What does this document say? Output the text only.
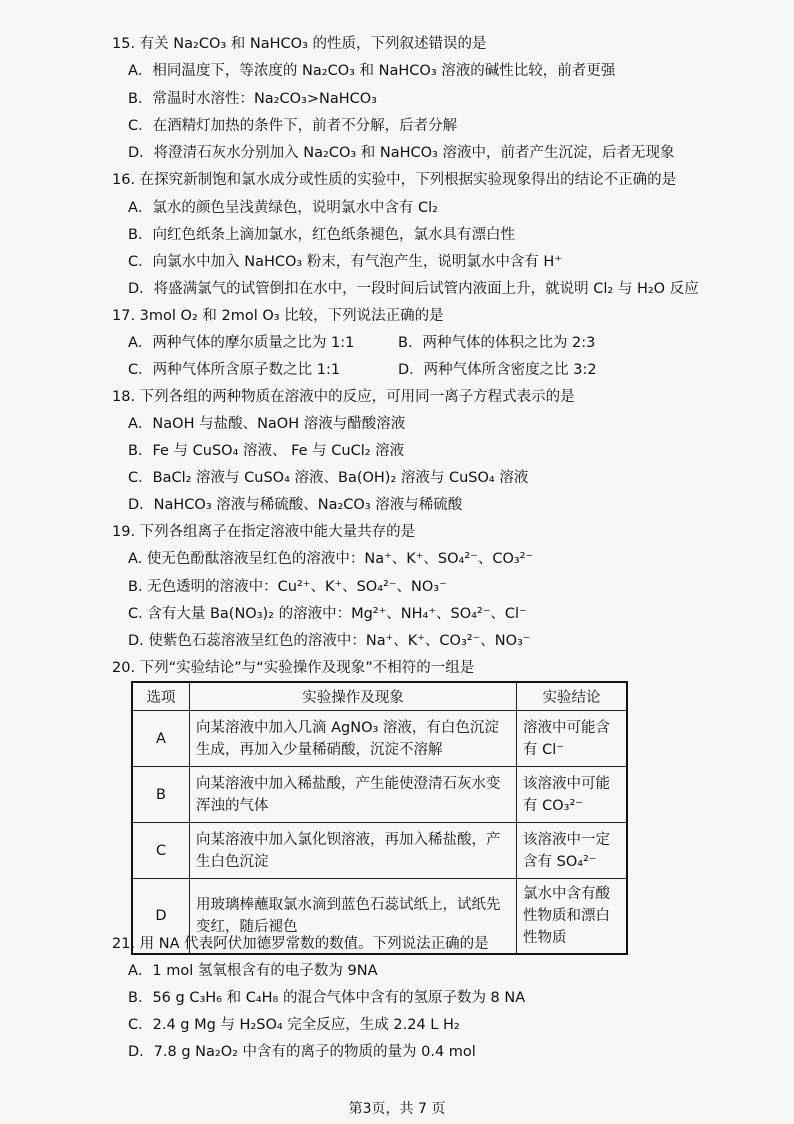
15. 有关 Na₂CO₃ 和 NaHCO₃ 的性质，下列叙述错误的是
A．相同温度下，等浓度的 Na₂CO₃ 和 NaHCO₃ 溶液的碱性比较，前者更强
B．常温时水溶性：Na₂CO₃>NaHCO₃
C．在酒精灯加热的条件下，前者不分解，后者分解
D．将澄清石灰水分别加入 Na₂CO₃ 和 NaHCO₃ 溶液中，前者产生沉淀，后者无现象
16. 在探究新制饱和氯水成分或性质的实验中，下列根据实验现象得出的结论不正确的是
A．氯水的颜色呈浅黄绿色，说明氯水中含有 Cl₂
B．向红色纸条上滴加氯水，红色纸条褪色，氯水具有漂白性
C．向氯水中加入 NaHCO₃ 粉末，有气泡产生，说明氯水中含有 H⁺
D．将盛满氯气的试管倒扣在水中，一段时间后试管内液面上升，就说明 Cl₂ 与 H₂O 反应
17. 3mol O₂ 和 2mol O₃ 比较，下列说法正确的是
A．两种气体的摩尔质量之比为 1:1	B．两种气体的体积之比为 2:3
C．两种气体所含原子数之比 1:1	D．两种气体所含密度之比 3:2
18. 下列各组的两种物质在溶液中的反应，可用同一离子方程式表示的是
A．NaOH 与盐酸、NaOH 溶液与醋酸溶液
B．Fe 与 CuSO₄ 溶液、 Fe 与 CuCl₂ 溶液
C．BaCl₂ 溶液与 CuSO₄ 溶液、Ba(OH)₂ 溶液与 CuSO₄ 溶液
D．NaHCO₃ 溶液与稀硫酸、Na₂CO₃ 溶液与稀硫酸
19. 下列各组离子在指定溶液中能大量共存的是
A. 使无色酚酞溶液呈红色的溶液中：Na⁺、K⁺、SO₄²⁻、CO₃²⁻
B. 无色透明的溶液中：Cu²⁺、K⁺、SO₄²⁻、NO₃⁻
C. 含有大量 Ba(NO₃)₂ 的溶液中：Mg²⁺、NH₄⁺、SO₄²⁻、Cl⁻
D. 使紫色石蕊溶液呈红色的溶液中：Na⁺、K⁺、CO₃²⁻、NO₃⁻
20. 下列“实验结论”与“实验操作及现象”不相符的一组是
选项	实验操作及现象	实验结论
A	向某溶液中加入几滴 AgNO₃ 溶液，有白色沉淀生成，再加入少量稀硝酸，沉淀不溶解	溶液中可能含有 Cl⁻
B	向某溶液中加入稀盐酸，产生能使澄清石灰水变浑浊的气体	该溶液中可能有 CO₃²⁻
C	向某溶液中加入氯化钡溶液，再加入稀盐酸，产生白色沉淀	该溶液中一定含有 SO₄²⁻
D	用玻璃棒蘸取氯水滴到蓝色石蕊试纸上，试纸先变红，随后褪色	氯水中含有酸性物质和漂白性物质
21. 用 NA 代表阿伏加德罗常数的数值。下列说法正确的是
A．1 mol 氢氧根含有的电子数为 9NA
B．56 g C₃H₆ 和 C₄H₈ 的混合气体中含有的氢原子数为 8 NA
C．2.4 g Mg 与 H₂SO₄ 完全反应，生成 2.24 L H₂
D．7.8 g Na₂O₂ 中含有的离子的物质的量为 0.4 mol
第3页，共 7 页
